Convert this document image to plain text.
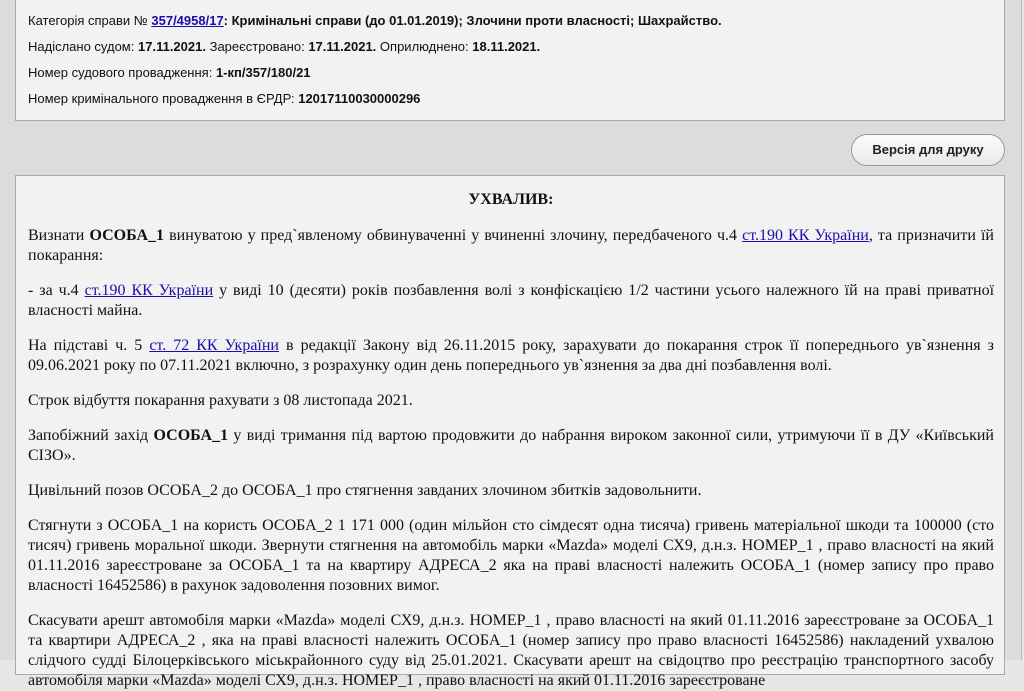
Категорія справи № 357/4958/17: Кримінальні справи (до 01.01.2019); Злочини проти власності; Шахрайство.
Надіслано судом: 17.11.2021. Зареєстровано: 17.11.2021. Оприлюднено: 18.11.2021.
Номер судового провадження: 1-кп/357/180/21
Номер кримінального провадження в ЄРДР: 12017110030000296
Версія для друку
УХВАЛИВ:

Визнати ОСОБА_1 винуватою у пред`явленому обвинуваченні у вчиненні злочину, передбаченого ч.4 ст.190 КК України, та призначити їй покарання:

- за ч.4 ст.190 КК України у виді 10 (десяти) років позбавлення волі з конфіскацією 1/2 частини усього належного їй на праві приватної власності майна.

На підставі ч. 5 ст. 72 КК України в редакції Закону від 26.11.2015 року, зарахувати до покарання строк її попереднього ув`язнення з 09.06.2021 року по 07.11.2021 включно, з розрахунку один день попереднього ув`язнення за два дні позбавлення волі.

Строк відбуття покарання рахувати з 08 листопада 2021.

Запобіжний захід ОСОБА_1 у виді тримання під вартою продовжити до набрання вироком законної сили, утримуючи її в ДУ «Київський СІЗО».

Цивільний позов ОСОБА_2 до ОСОБА_1 про стягнення завданих злочином збитків задовольнити.

Стягнути з ОСОБА_1 на користь ОСОБА_2 1 171 000 (один мільйон сто сімдесят одна тисяча) гривень матеріальної шкоди та 100000 (сто тисяч) гривень моральної шкоди. Звернути стягнення на автомобіль марки «Mazda» моделі СХ9, д.н.з. НОМЕР_1 , право власності на який 01.11.2016 зареєстроване за ОСОБА_1 та на квартиру АДРЕСА_2 яка на праві власності належить ОСОБА_1 (номер запису про право власності 16452586) в рахунок задоволення позовних вимог.

Скасувати арешт автомобіля марки «Mazda» моделі СХ9, д.н.з. НОМЕР_1 , право власності на який 01.11.2016 зареєстроване за ОСОБА_1 та квартири АДРЕСА_2 , яка на праві власності належить ОСОБА_1 (номер запису про право власності 16452586) накладений ухвалою слідчого судді Білоцерківського міськрайонного суду від 25.01.2021. Скасувати арешт на свідоцтво про реєстрацію транспортного засобу автомобіля марки «Mazda» моделі СХ9, д.н.з. НОМЕР_1 , право власності на який 01.11.2016 зареєстроване
